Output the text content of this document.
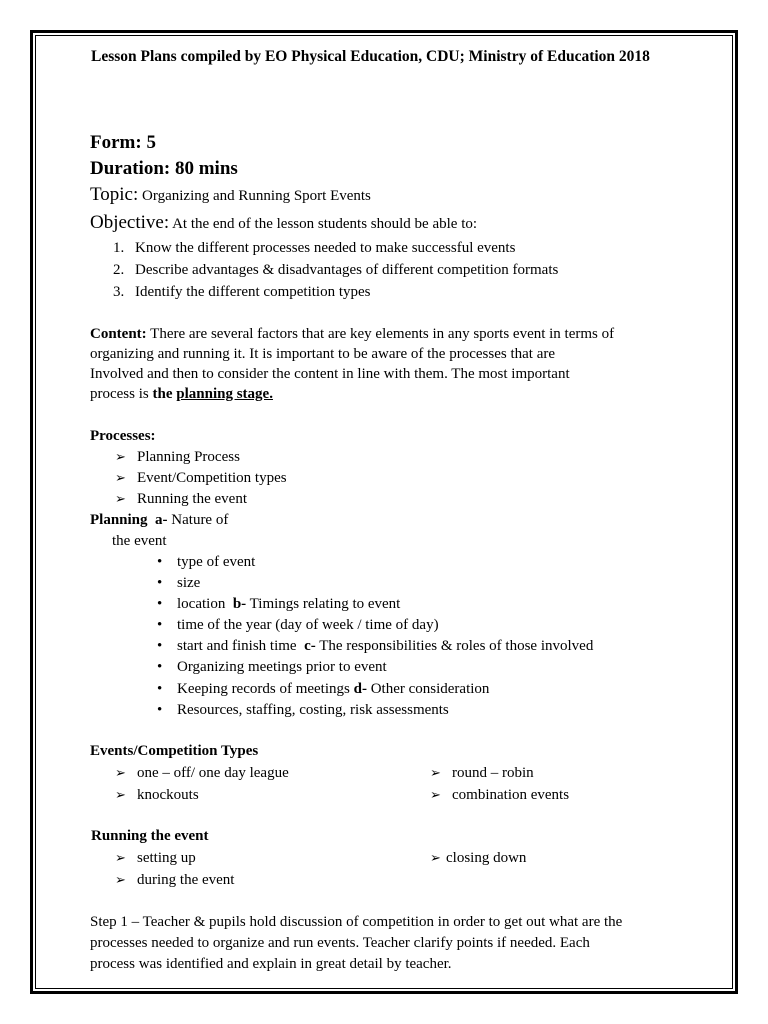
Lesson Plans compiled by EO Physical Education, CDU; Ministry of Education 2018
Form: 5
Duration: 80 mins
Topic: Organizing and Running Sport Events
Objective: At the end of the lesson students should be able to:
1. Know the different processes needed to make successful events
2. Describe advantages & disadvantages of different competition formats
3. Identify the different competition types
Content: There are several factors that are key elements in any sports event in terms of
organizing and running it. It is important to be aware of the processes that are
Involved and then to consider the content in line with them. The most important
process is the planning stage.
Processes:
➢ Planning Process
➢ Event/Competition types
➢ Running the event
Planning a- Nature of
the event
• type of event
• size
• location b- Timings relating to event
• time of the year (day of week / time of day)
• start and finish time c- The responsibilities & roles of those involved
• Organizing meetings prior to event
• Keeping records of meetings d- Other consideration
• Resources, staffing, costing, risk assessments
Events/Competition Types
➢ one – off/ one day league
➢ knockouts
➢ round – robin
➢ combination events
Running the event
➢ setting up
➢ during the event
➢ closing down
Step 1 – Teacher & pupils hold discussion of competition in order to get out what are the
processes needed to organize and run events. Teacher clarify points if needed. Each
process was identified and explain in great detail by teacher.
